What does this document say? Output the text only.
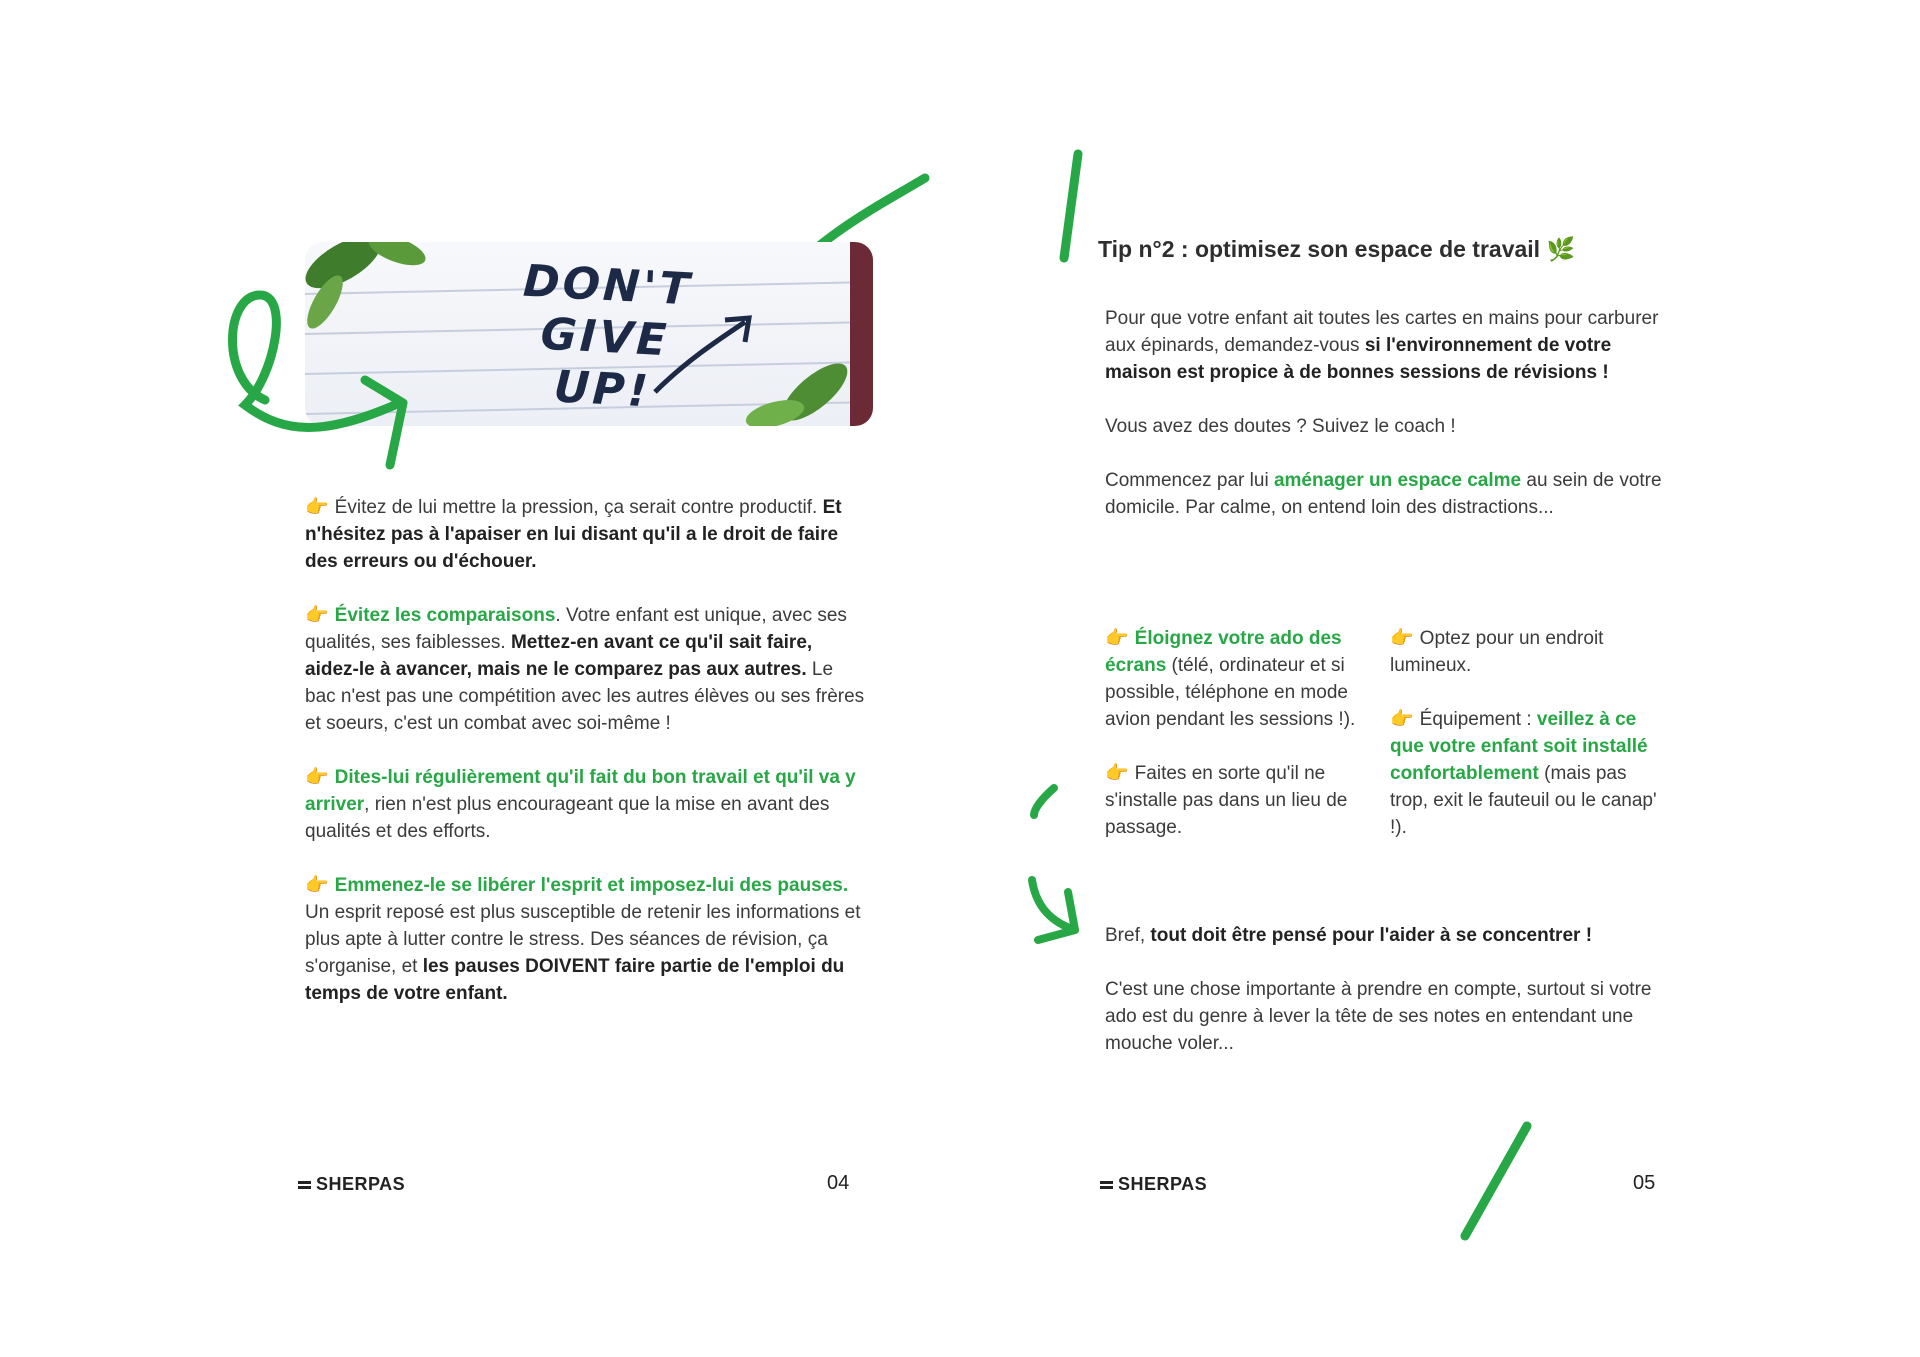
DON'T
GIVE
UP!

👉 Évitez de lui mettre la pression, ça serait contre productif. Et n'hésitez pas à l'apaiser en lui disant qu'il a le droit de faire des erreurs ou d'échouer.

👉 Évitez les comparaisons. Votre enfant est unique, avec ses qualités, ses faiblesses. Mettez-en avant ce qu'il sait faire, aidez-le à avancer, mais ne le comparez pas aux autres. Le bac n'est pas une compétition avec les autres élèves ou ses frères et soeurs, c'est un combat avec soi-même !

👉 Dites-lui régulièrement qu'il fait du bon travail et qu'il va y arriver, rien n'est plus encourageant que la mise en avant des qualités et des efforts.

👉 Emmenez-le se libérer l'esprit et imposez-lui des pauses. Un esprit reposé est plus susceptible de retenir les informations et plus apte à lutter contre le stress. Des séances de révision, ça s'organise, et les pauses DOIVENT faire partie de l'emploi du temps de votre enfant.

SHERPAS	04
Tip n°2 : optimisez son espace de travail 🌿

Pour que votre enfant ait toutes les cartes en mains pour carburer aux épinards, demandez-vous si l'environnement de votre maison est propice à de bonnes sessions de révisions !

Vous avez des doutes ? Suivez le coach !

Commencez par lui aménager un espace calme au sein de votre domicile. Par calme, on entend loin des distractions...

👉 Éloignez votre ado des écrans (télé, ordinateur et si possible, téléphone en mode avion pendant les sessions !).

👉 Faites en sorte qu'il ne s'installe pas dans un lieu de passage.

👉 Optez pour un endroit lumineux.

👉 Équipement : veillez à ce que votre enfant soit installé confortablement (mais pas trop, exit le fauteuil ou le canap' !).

Bref, tout doit être pensé pour l'aider à se concentrer !

C'est une chose importante à prendre en compte, surtout si votre ado est du genre à lever la tête de ses notes en entendant une mouche voler...

SHERPAS	05
